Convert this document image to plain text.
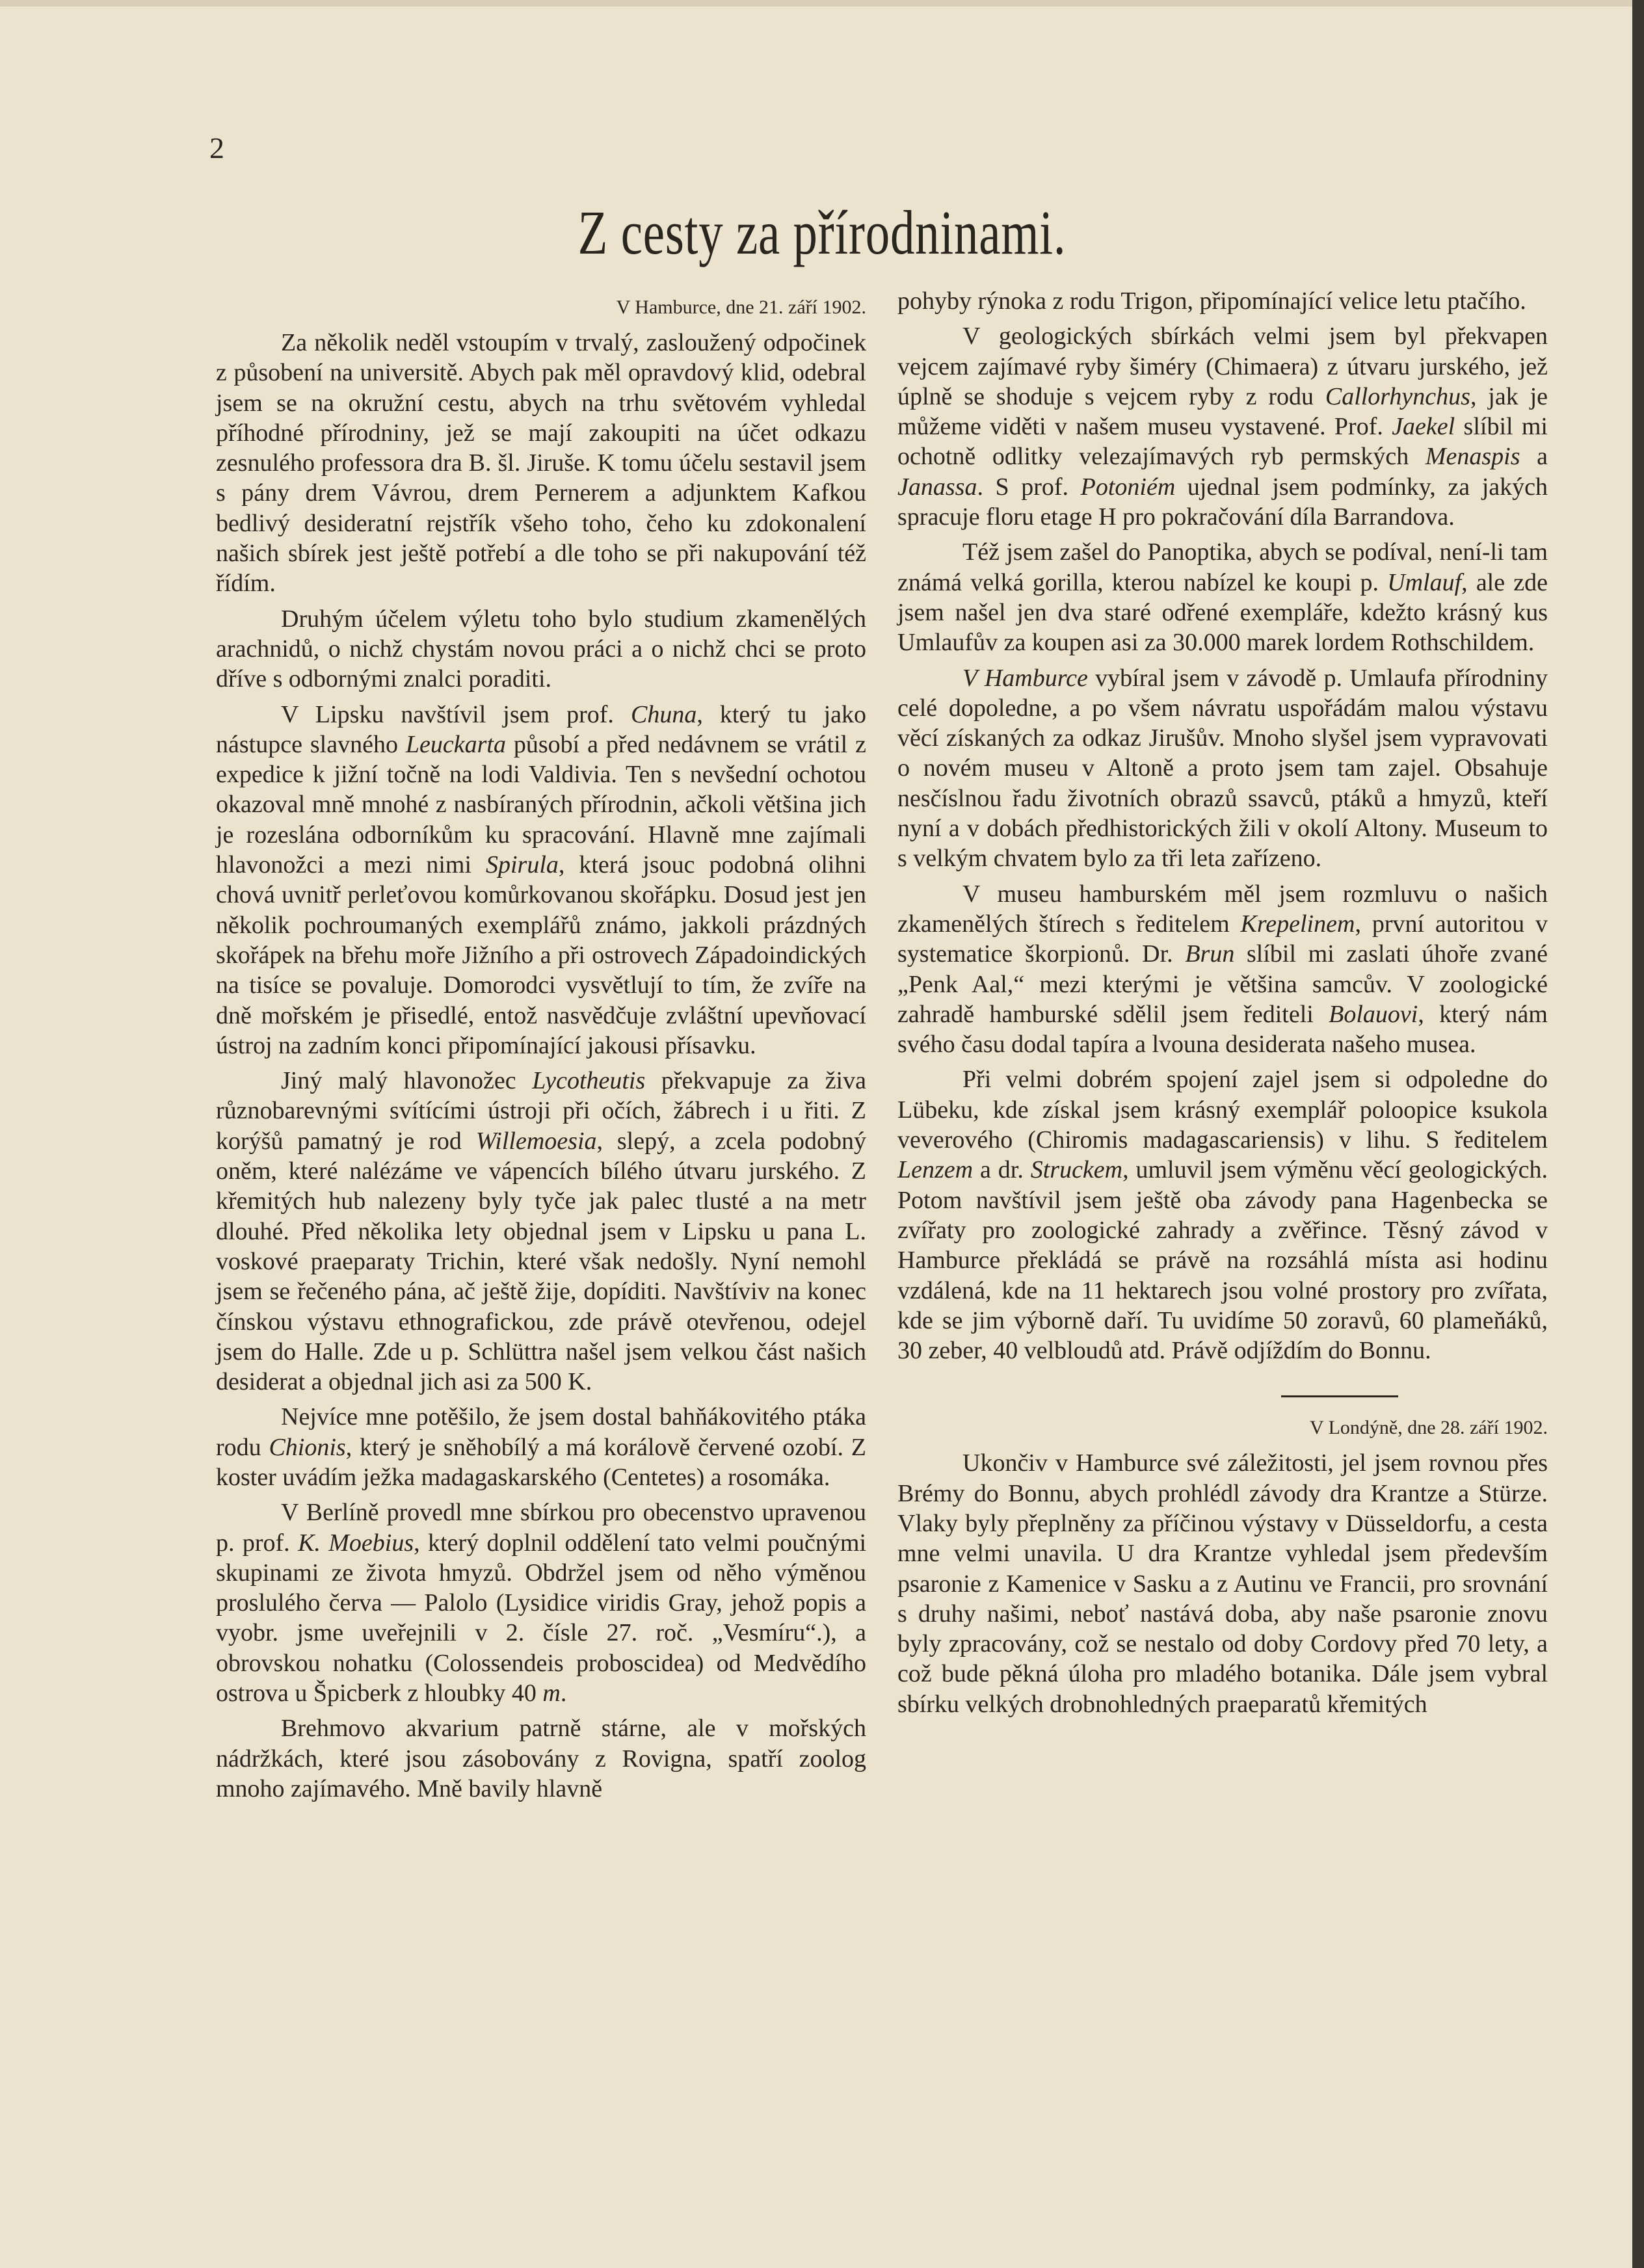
2
Z cesty za přírodninami.
V Hamburce, dne 21. září 1902.

Za několik neděl vstoupím v trvalý, zasloužený odpočinek z působení na universitě. Abych pak měl opravdový klid, odebral jsem se na okružní cestu, abych na trhu světovém vyhledal příhodné přírodniny, jež se mají zakoupiti na účet odkazu zesnulého professora dra B. šl. Jiruše. K tomu účelu sestavil jsem s pány drem Vávrou, drem Pernerem a adjunktem Kafkou bedlivý desideratní rejstřík všeho toho, čeho ku zdokonalení našich sbírek jest ještě potřebí a dle toho se při nakupování též řídím.

Druhým účelem výletu toho bylo studium zkamenělých arachnidů, o nichž chystám novou práci a o nichž chci se proto dříve s odbornými znalci poraditi.

V Lipsku navštívil jsem prof. Chuna, který tu jako nástupce slavného Leuckarta působí a před nedávnem se vrátil z expedice k jižní točně na lodi Valdivia. Ten s nevšední ochotou okazoval mně mnohé z nasbíraných přírodnin, ačkoli většina jich je rozeslána odborníkům ku spracování. Hlavně mne zajímali hlavonožci a mezi nimi Spirula, která jsouc podobná olihni chová uvnitř perleťovou komůrkovanou skořápku. Dosud jest jen několik pochroumaných exemplářů známo, jakkoli prázdných skořápek na břehu moře Jižního a při ostrovech Západoindických na tisíce se povaluje. Domorodci vysvětlují to tím, že zvíře na dně mořském je přisedlé, entož nasvědčuje zvláštní upevňovací ústroj na zadním konci připomínající jakousi přísavku.

Jiný malý hlavonožec Lycotheutis překvapuje za živa různobarevnými svítícími ústroji při očích, žábrech i u řiti. Z korýšů pamatný je rod Willemoesia, slepý, a zcela podobný oněm, které nalézáme ve vápencích bílého útvaru jurského. Z křemitých hub nalezeny byly tyče jak palec tlusté a na metr dlouhé. Před několika lety objednal jsem v Lipsku u pana L. voskové praeparaty Trichin, které však nedošly. Nyní nemohl jsem se řečeného pána, ač ještě žije, dopíditi. Navštíviv na konec čínskou výstavu ethnografickou, zde právě otevřenou, odejel jsem do Halle. Zde u p. Schlüttra našel jsem velkou část našich desiderat a objednal jich asi za 500 K.

Nejvíce mne potěšilo, že jsem dostal bahňákovitého ptáka rodu Chionis, který je sněhobílý a má korálově červené ozobí. Z koster uvádím ježka madagaskarského (Centetes) a rosomáka.

V Berlíně provedl mne sbírkou pro obecenstvo upravenou p. prof. K. Moebius, který doplnil oddělení tato velmi poučnými skupinami ze života hmyzů. Obdržel jsem od něho výměnou proslulého červa — Palolo (Lysidice viridis Gray, jehož popis a vyobr. jsme uveřejnili v 2. čísle 27. roč. „Vesmíru“.), a obrovskou nohatku (Colossendeis proboscidea) od Medvědího ostrova u Špicberk z hloubky 40 m.

Brehmovo akvarium patrně stárne, ale v mořských nádržkách, které jsou zásobovány z Rovigna, spatří zoolog mnoho zajímavého. Mně bavily hlavně

pohyby rýnoka z rodu Trigon, připomínající velice letu ptačího.

V geologických sbírkách velmi jsem byl překvapen vejcem zajímavé ryby šiméry (Chimaera) z útvaru jurského, jež úplně se shoduje s vejcem ryby z rodu Callorhynchus, jak je můžeme viděti v našem museu vystavené. Prof. Jaekel slíbil mi ochotně odlitky velezajímavých ryb permských Menaspis a Janassa. S prof. Potoniém ujednal jsem podmínky, za jakých spracuje floru etage H pro pokračování díla Barrandova.

Též jsem zašel do Panoptika, abych se podíval, není-li tam známá velká gorilla, kterou nabízel ke koupi p. Umlauf, ale zde jsem našel jen dva staré odřené exempláře, kdežto krásný kus Umlaufův za koupen asi za 30.000 marek lordem Rothschildem.

V Hamburce vybíral jsem v závodě p. Umlaufa přírodniny celé dopoledne, a po všem návratu uspořádám malou výstavu věcí získaných za odkaz Jirušův. Mnoho slyšel jsem vypravovati o novém museu v Altoně a proto jsem tam zajel. Obsahuje nesčíslnou řadu životních obrazů ssavců, ptáků a hmyzů, kteří nyní a v dobách předhistorických žili v okolí Altony. Museum to s velkým chvatem bylo za tři leta zařízeno.

V museu hamburském měl jsem rozmluvu o našich zkamenělých štírech s ředitelem Krepelinem, první autoritou v systematice škorpionů. Dr. Brun slíbil mi zaslati úhoře zvané „Penk Aal,“ mezi kterými je většina samcův. V zoologické zahradě hamburské sdělil jsem řediteli Bolauovi, který nám svého času dodal tapíra a lvouna desiderata našeho musea.

Při velmi dobrém spojení zajel jsem si odpoledne do Lübeku, kde získal jsem krásný exemplář poloopice ksukola veverového (Chiromis madagascariensis) v lihu. S ředitelem Lenzem a dr. Struckem, umluvil jsem výměnu věcí geologických. Potom navštívil jsem ještě oba závody pana Hagenbecka se zvířaty pro zoologické zahrady a zvěřince. Těsný závod v Hamburce překládá se právě na rozsáhlá místa asi hodinu vzdálená, kde na 11 hektarech jsou volné prostory pro zvířata, kde se jim výborně daří. Tu uvidíme 50 zoravů, 60 plameňáků, 30 zeber, 40 velbloudů atd. Právě odjíždím do Bonnu.

V Londýně, dne 28. září 1902.

Ukončiv v Hamburce své záležitosti, jel jsem rovnou přes Brémy do Bonnu, abych prohlédl závody dra Krantze a Stürze. Vlaky byly přeplněny za příčinou výstavy v Düsseldorfu, a cesta mne velmi unavila. U dra Krantze vyhledal jsem především psaronie z Kamenice v Sasku a z Autinu ve Francii, pro srovnání s druhy našimi, neboť nastává doba, aby naše psaronie znovu byly zpracovány, což se nestalo od doby Cordovy před 70 lety, a což bude pěkná úloha pro mladého botanika. Dále jsem vybral sbírku velkých drobnohledných praeparatů křemitých
